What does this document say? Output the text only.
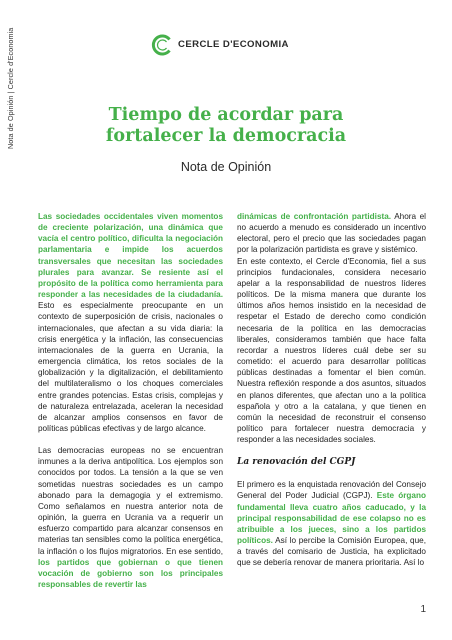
Nota de Opinión | Cercle d'Economia	CERCLE D'ECONOMIA
Tiempo de acordar para
fortalecer la democracia

Nota de Opinión

Las sociedades occidentales viven momentos de creciente polarización, una dinámica que vacía el centro político, dificulta la negociación parlamentaria e impide los acuerdos transversales que necesitan las sociedades plurales para avanzar. Se resiente así el propósito de la política como herramienta para responder a las necesidades de la ciudadanía. Esto es especialmente preocupante en un contexto de superposición de crisis, nacionales o internacionales, que afectan a su vida diaria: la crisis energética y la inflación, las consecuencias internacionales de la guerra en Ucrania, la emergencia climática, los retos sociales de la globalización y la digitalización, el debilitamiento del multilateralismo o los choques comerciales entre grandes potencias. Estas crisis, complejas y de naturaleza entrelazada, aceleran la necesidad de alcanzar amplios consensos en favor de políticas públicas efectivas y de largo alcance.

Las democracias europeas no se encuentran inmunes a la deriva antipolítica. Los ejemplos son conocidos por todos. La tensión a la que se ven sometidas nuestras sociedades es un campo abonado para la demagogia y el extremismo. Como señalamos en nuestra anterior nota de opinión, la guerra en Ucrania va a requerir un esfuerzo compartido para alcanzar consensos en materias tan sensibles como la política energética, la inflación o los flujos migratorios. En ese sentido, los partidos que gobiernan o que tienen vocación de gobierno son los principales responsables de revertir las

dinámicas de confrontación partidista. Ahora el no acuerdo a menudo es considerado un incentivo electoral, pero el precio que las sociedades pagan por la polarización partidista es grave y sistémico.

En este contexto, el Cercle d'Economia, fiel a sus principios fundacionales, considera necesario apelar a la responsabilidad de nuestros líderes políticos. De la misma manera que durante los últimos años hemos insistido en la necesidad de respetar el Estado de derecho como condición necesaria de la política en las democracias liberales, consideramos también que hace falta recordar a nuestros líderes cuál debe ser su cometido: el acuerdo para desarrollar políticas públicas destinadas a fomentar el bien común. Nuestra reflexión responde a dos asuntos, situados en planos diferentes, que afectan uno a la política española y otro a la catalana, y que tienen en común la necesidad de reconstruir el consenso político para fortalecer nuestra democracia y responder a las necesidades sociales.

La renovación del CGPJ

El primero es la enquistada renovación del Consejo General del Poder Judicial (CGPJ). Este órgano fundamental lleva cuatro años caducado, y la principal responsabilidad de ese colapso no es atribuible a los jueces, sino a los partidos políticos. Así lo percibe la Comisión Europea, que, a través del comisario de Justicia, ha explicitado que se debería renovar de manera prioritaria. Así lo

1
